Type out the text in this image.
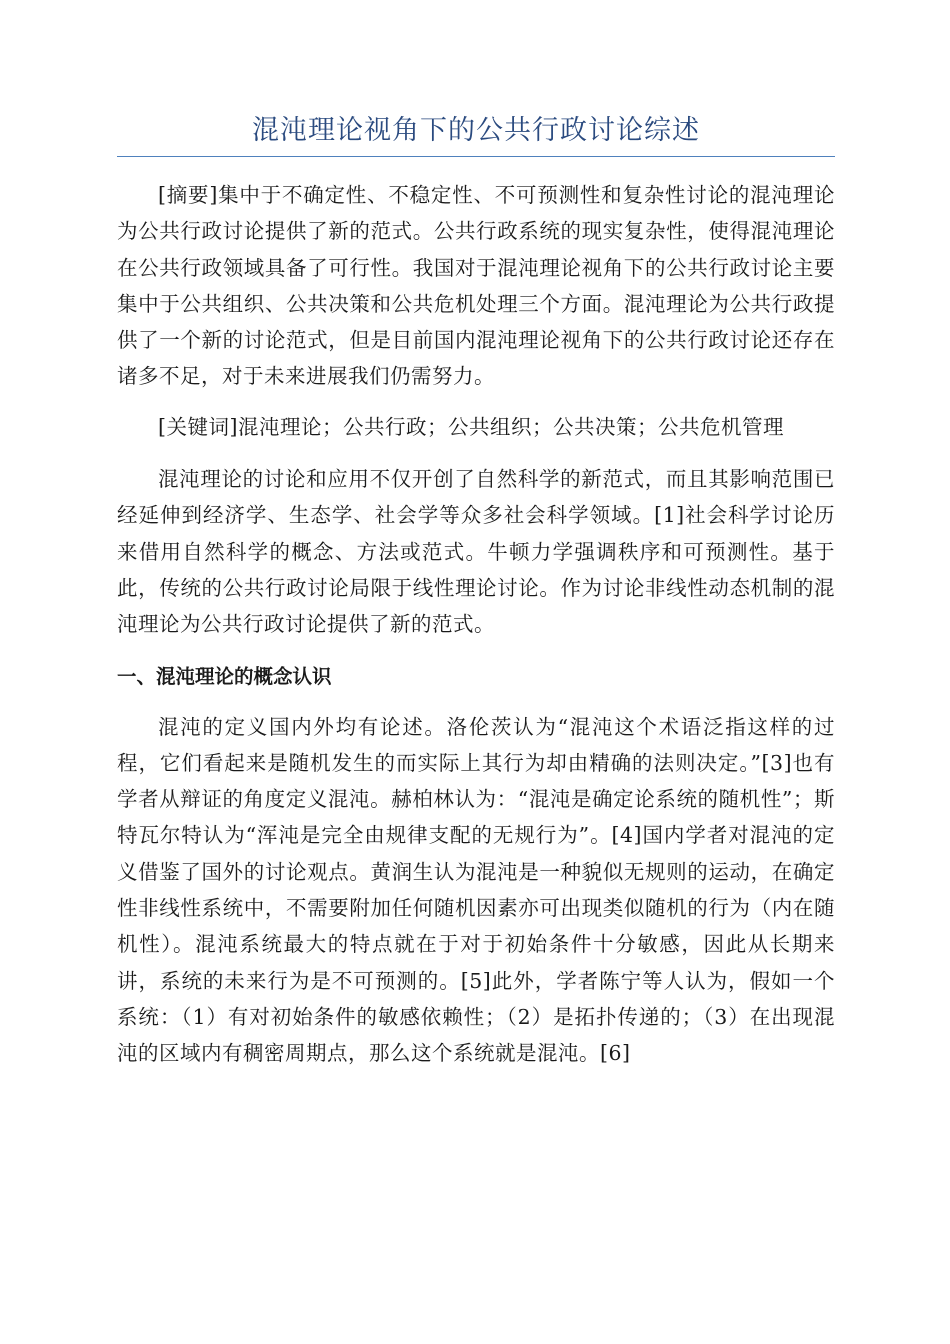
混沌理论视角下的公共行政讨论综述

[摘要]集中于不确定性、不稳定性、不可预测性和复杂性讨论的混沌理论为公共行政讨论提供了新的范式。公共行政系统的现实复杂性，使得混沌理论在公共行政领域具备了可行性。我国对于混沌理论视角下的公共行政讨论主要集中于公共组织、公共决策和公共危机处理三个方面。混沌理论为公共行政提供了一个新的讨论范式，但是目前国内混沌理论视角下的公共行政讨论还存在诸多不足，对于未来进展我们仍需努力。

[关键词]混沌理论；公共行政；公共组织；公共决策；公共危机管理

混沌理论的讨论和应用不仅开创了自然科学的新范式，而且其影响范围已经延伸到经济学、生态学、社会学等众多社会科学领域。[1]社会科学讨论历来借用自然科学的概念、方法或范式。牛顿力学强调秩序和可预测性。基于此，传统的公共行政讨论局限于线性理论讨论。作为讨论非线性动态机制的混沌理论为公共行政讨论提供了新的范式。

一、混沌理论的概念认识

混沌的定义国内外均有论述。洛伦茨认为“混沌这个术语泛指这样的过程，它们看起来是随机发生的而实际上其行为却由精确的法则决定。”[3]也有学者从辩证的角度定义混沌。赫柏林认为：“混沌是确定论系统的随机性”；斯特瓦尔特认为“浑沌是完全由规律支配的无规行为”。[4]国内学者对混沌的定义借鉴了国外的讨论观点。黄润生认为混沌是一种貌似无规则的运动，在确定性非线性系统中，不需要附加任何随机因素亦可出现类似随机的行为（内在随机性）。混沌系统最大的特点就在于对于初始条件十分敏感，因此从长期来讲，系统的未来行为是不可预测的。[5]此外，学者陈宁等人认为，假如一个系统：（1）有对初始条件的敏感依赖性；（2）是拓扑传递的；（3）在出现混沌的区域内有稠密周期点，那么这个系统就是混沌。[6]
